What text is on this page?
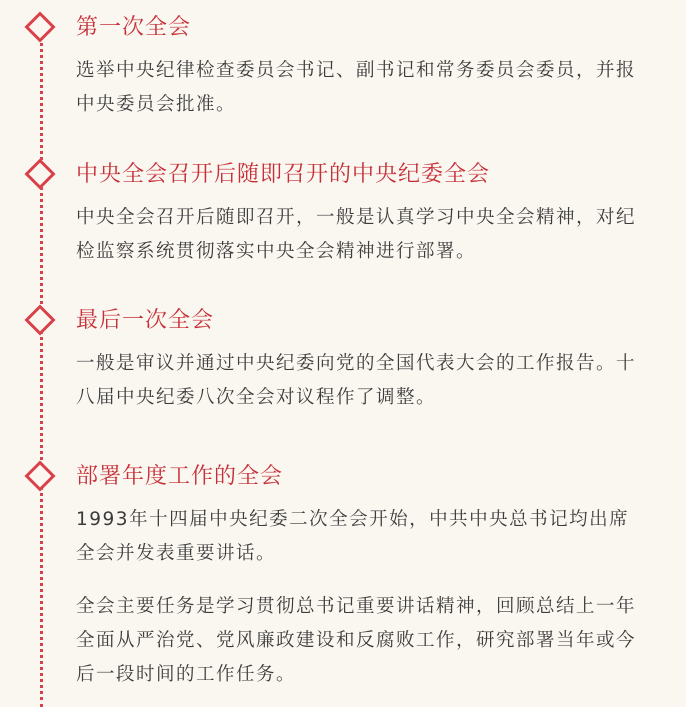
第一次全会

选举中央纪律检查委员会书记、副书记和常务委员会委员，并报中央委员会批准。

中央全会召开后随即召开的中央纪委全会

中央全会召开后随即召开，一般是认真学习中央全会精神，对纪检监察系统贯彻落实中央全会精神进行部署。

最后一次全会

一般是审议并通过中央纪委向党的全国代表大会的工作报告。十八届中央纪委八次全会对议程作了调整。

部署年度工作的全会

1993年十四届中央纪委二次全会开始，中共中央总书记均出席全会并发表重要讲话。

全会主要任务是学习贯彻总书记重要讲话精神，回顾总结上一年全面从严治党、党风廉政建设和反腐败工作，研究部署当年或今后一段时间的工作任务。
